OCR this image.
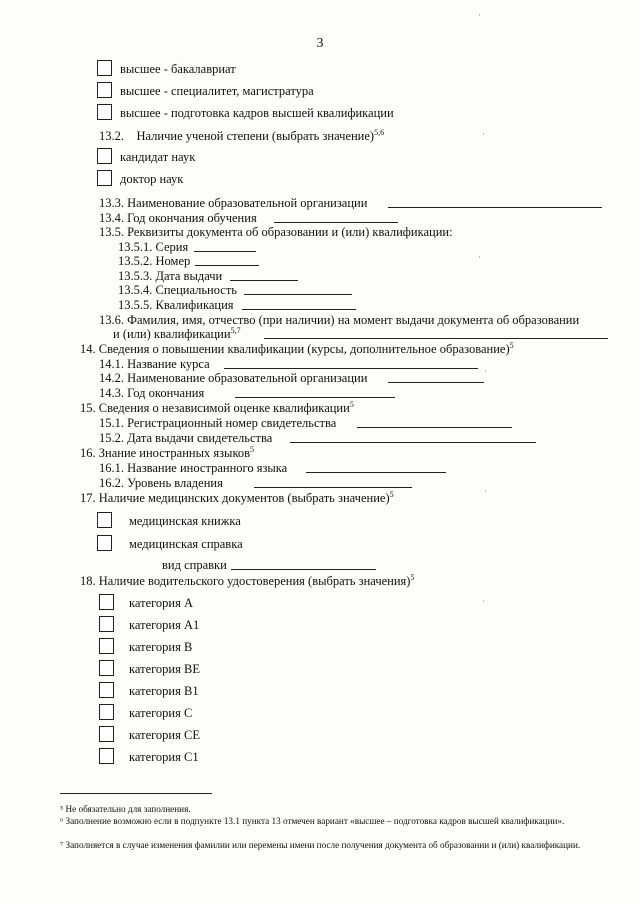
3
высшее - бакалавриат
высшее - специалитет, магистратура
высшее - подготовка кадров высшей квалификации
13.2. Наличие ученой степени (выбрать значение)$^{5,6}$
кандидат наук
доктор наук
13.3. Наименование образовательной организации
13.4. Год окончания обучения
13.5. Реквизиты документа об образовании и (или) квалификации:
13.5.1. Серия
13.5.2. Номер
13.5.3. Дата выдачи
13.5.4. Специальность
13.5.5. Квалификация
13.6. Фамилия, имя, отчество (при наличии) на момент выдачи документа об образовании
и (или) квалификации$^{5,7}$
14. Сведения о повышении квалификации (курсы, дополнительное образование)$^5$
14.1. Название курса
14.2. Наименование образовательной организации
14.3. Год окончания
15. Сведения о независимой оценке квалификации$^5$
15.1. Регистрационный номер свидетельства
15.2. Дата выдачи свидетельства
16. Знание иностранных языков$^5$
16.1. Название иностранного языка
16.2. Уровень владения
17. Наличие медицинских документов (выбрать значение)$^5$
медицинская книжка
медицинская справка
вид справки
18. Наличие водительского удостоверения (выбрать значения)$^5$
категория А
категория А1
категория В
категория ВЕ
категория В1
категория С
категория СЕ
категория С1
⁵ Не обязательно для заполнения.
⁶ Заполнение возможно если в подпункте 13.1 пункта 13 отмечен вариант «высшее – подготовка кадров высшей квалификации».
⁷ Заполняется в случае изменения фамилии или перемены имени после получения документа об образовании и (или) квалификации.
·
·
·
·
·
·
